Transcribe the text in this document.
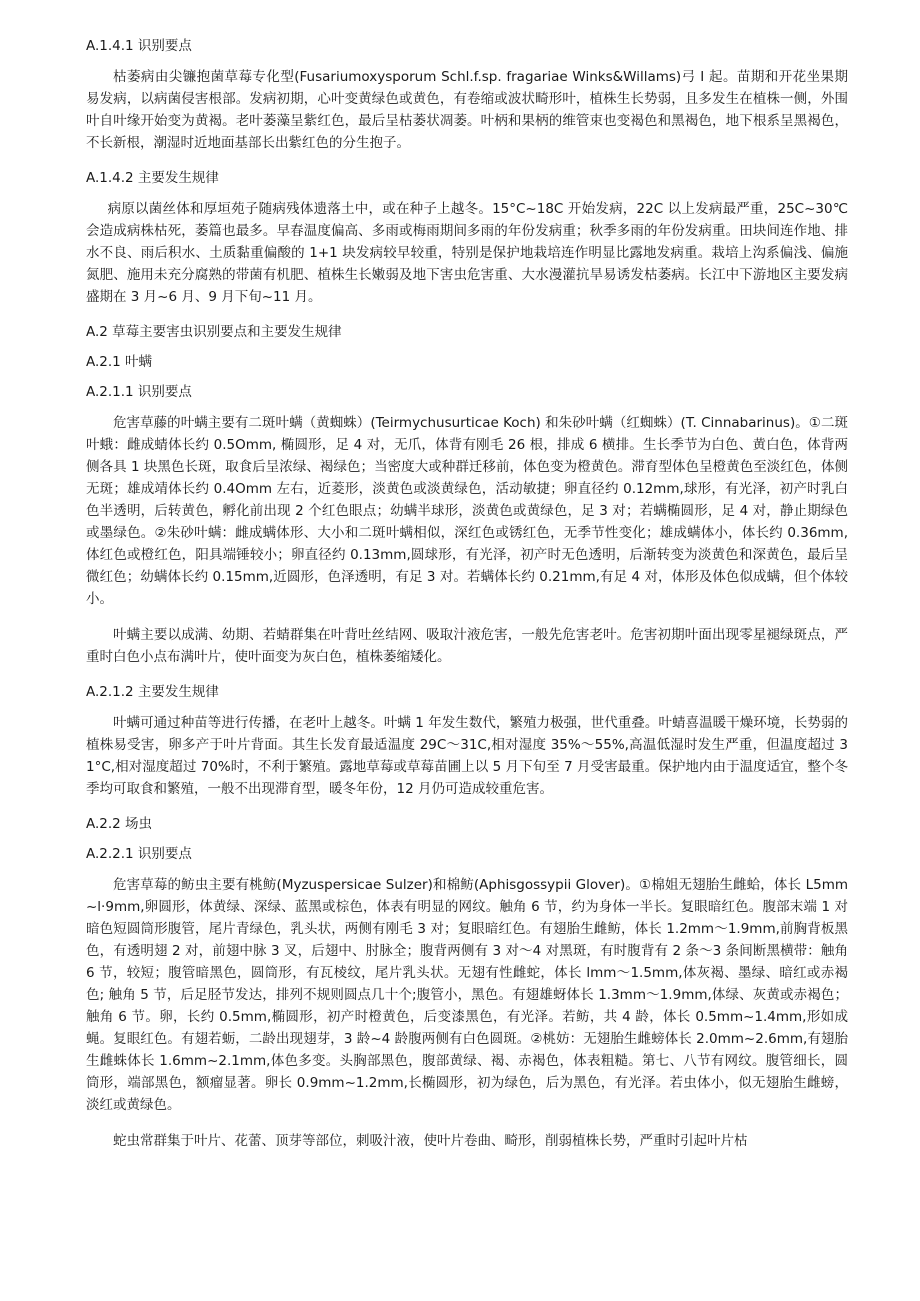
A.1.4.1 识别要点
枯萎病由尖镰抱菌草莓专化型(Fusariumoxysporum Schl.f.sp. fragariae Winks&Willams)弓 I 起。苗期和开花坐果期易发病，以病菌侵害根部。发病初期，心叶变黄绿色或黄色，有卷缩或波状畸形叶，植株生长势弱，且多发生在植株一侧，外围叶自叶缘开始变为黄褐。老叶萎藻呈紫红色，最后呈枯萎状凋萎。叶柄和果柄的维管束也变褐色和黑褐色，地下根系呈黑褐色，不长新根，潮湿时近地面基部长出紫红色的分生抱子。
A.1.4.2 主要发生规律
病原以菌丝体和厚垣苑子随病残体遗落土中，或在种子上越冬。15°C~18C 开始发病，22C 以上发病最严重，25C~30℃会造成病株枯死，萎篇也最多。早春温度偏高、多雨或梅雨期间多雨的年份发病重；秋季多雨的年份发病重。田块间连作地、排水不良、雨后积水、土质黏重偏酸的 1+1 块发病较早较重，特别是保护地栽培连作明显比露地发病重。栽培上沟系偏浅、偏施氮肥、施用未充分腐熟的带菌有机肥、植株生长嫩弱及地下害虫危害重、大水漫灌抗旱易诱发枯萎病。长江中下游地区主要发病盛期在 3 月~6 月、9 月下旬~11 月。
A.2 草莓主要害虫识别要点和主要发生规律
A.2.1 叶螨
A.2.1.1 识别要点
危害草藤的叶螨主要有二斑叶螨（黄蜘蛛）(Teirmychusurticae Koch) 和朱砂叶螨（红蜘蛛）(T. Cinnabarinus)。①二斑叶蛾：雌成蜻体长约 0.5Omm, 椭圆形，足 4 对，无爪，体背有刚毛 26 根，排成 6 横排。生长季节为白色、黄白色，体背两侧各具 1 块黑色长斑，取食后呈浓绿、褐绿色；当密度大或种群迁移前，体色变为橙黄色。滞育型体色呈橙黄色至淡红色，体侧无斑；雄成靖体长约 0.4Omm 左右，近菱形，淡黄色或淡黄绿色，活动敏捷；卵直径约 0.12mm,球形，有光泽，初产时乳白色半透明，后转黄色，孵化前出现 2 个红色眼点；幼螨半球形，淡黄色或黄绿色，足 3 对；若螨椭圆形，足 4 对，静止期绿色或墨绿色。②朱砂叶螨：雌成螨体形、大小和二斑叶螨相似，深红色或锈红色，无季节性变化；雄成螨体小，体长约 0.36mm,体红色或橙红色，阳具端锤较小；卵直径约 0.13mm,圆球形，有光泽，初产时无色透明，后渐转变为淡黄色和深黄色，最后呈微红色；幼螨体长约 0.15mm,近圆形，色泽透明，有足 3 对。若螨体长约 0.21mm,有足 4 对，体形及体色似成螨，但个体较小。
叶螨主要以成满、幼期、若蜻群集在叶背吐丝结网、吸取汁液危害，一般先危害老叶。危害初期叶面出现零星褪绿斑点，严重时白色小点布满叶片，使叶面变为灰白色，植株萎缩矮化。
A.2.1.2 主要发生规律
叶螨可通过种苗等进行传播，在老叶上越冬。叶螨 1 年发生数代，繁殖力极强，世代重叠。叶蜻喜温暖干燥环境，长势弱的植株易受害，卵多产于叶片背面。其生长发育最适温度 29C～31C,相对湿度 35%～55%,高温低湿时发生严重，但温度超过 31°C,相对湿度超过 70%时，不利于繁殖。露地草莓或草莓苗圃上以 5 月下旬至 7 月受害最重。保护地内由于温度适宜，整个冬季均可取食和繁殖，一般不出现滞育型，暖冬年份，12 月仍可造成较重危害。
A.2.2 场虫
A.2.2.1 识别要点
危害草莓的鲂虫主要有桃鲂(Myzuspersicae Sulzer)和棉鲂(Aphisgossypii Glover)。①棉姐无翅胎生雌蛤，体长 L5mm~l·9mm,卵圆形，体黄绿、深绿、蓝黑或棕色，体表有明显的网纹。触角 6 节，约为身体一半长。复眼暗红色。腹部末端 1 对暗色短圆筒形腹管，尾片青绿色，乳头状，两侧有刚毛 3 对；复眼暗红色。有翅胎生雌鲂，体长 1.2mm～1.9mm,前胸背板黑色，有透明翅 2 对，前翅中脉 3 叉，后翅中、肘脉全；腹背两侧有 3 对～4 对黑斑，有时腹背有 2 条～3 条间断黑横带：触角 6 节，较短；腹管暗黑色，圆筒形，有瓦棱纹，尾片乳头状。无翅有性雌蛇，体长 lmm～1.5mm,体灰褐、墨绿、暗红或赤褐色; 触角 5 节，后足胫节发达，排列不规则圆点几十个;腹管小，黑色。有翅雄蚜体长 1.3mm～1.9mm,体绿、灰黄或赤褐色；触角 6 节。卵，长约 0.5mm,椭圆形，初产时橙黄色，后变漆黑色，有光泽。若鲂，共 4 龄，体长 0.5mm~1.4mm,形如成蝇。复眼红色。有翅若蛎，二龄出现翅芽，3 龄~4 龄腹两侧有白色圆斑。②桃妨：无翅胎生雌螃体长 2.0mm~2.6mm,有翅胎生雌蛛体长 1.6mm~2.1mm,体色多变。头胸部黑色，腹部黄绿、褐、赤褐色，体表粗糙。第七、八节有网纹。腹管细长，圆筒形，端部黑色，额瘤显著。卵长 0.9mm~1.2mm,长椭圆形，初为绿色，后为黑色，有光泽。若虫体小，似无翅胎生雌螃，淡红或黄绿色。
蛇虫常群集于叶片、花蕾、顶芽等部位，刺吸汁液，使叶片卷曲、畸形，削弱植株长势，严重时引起叶片枯
